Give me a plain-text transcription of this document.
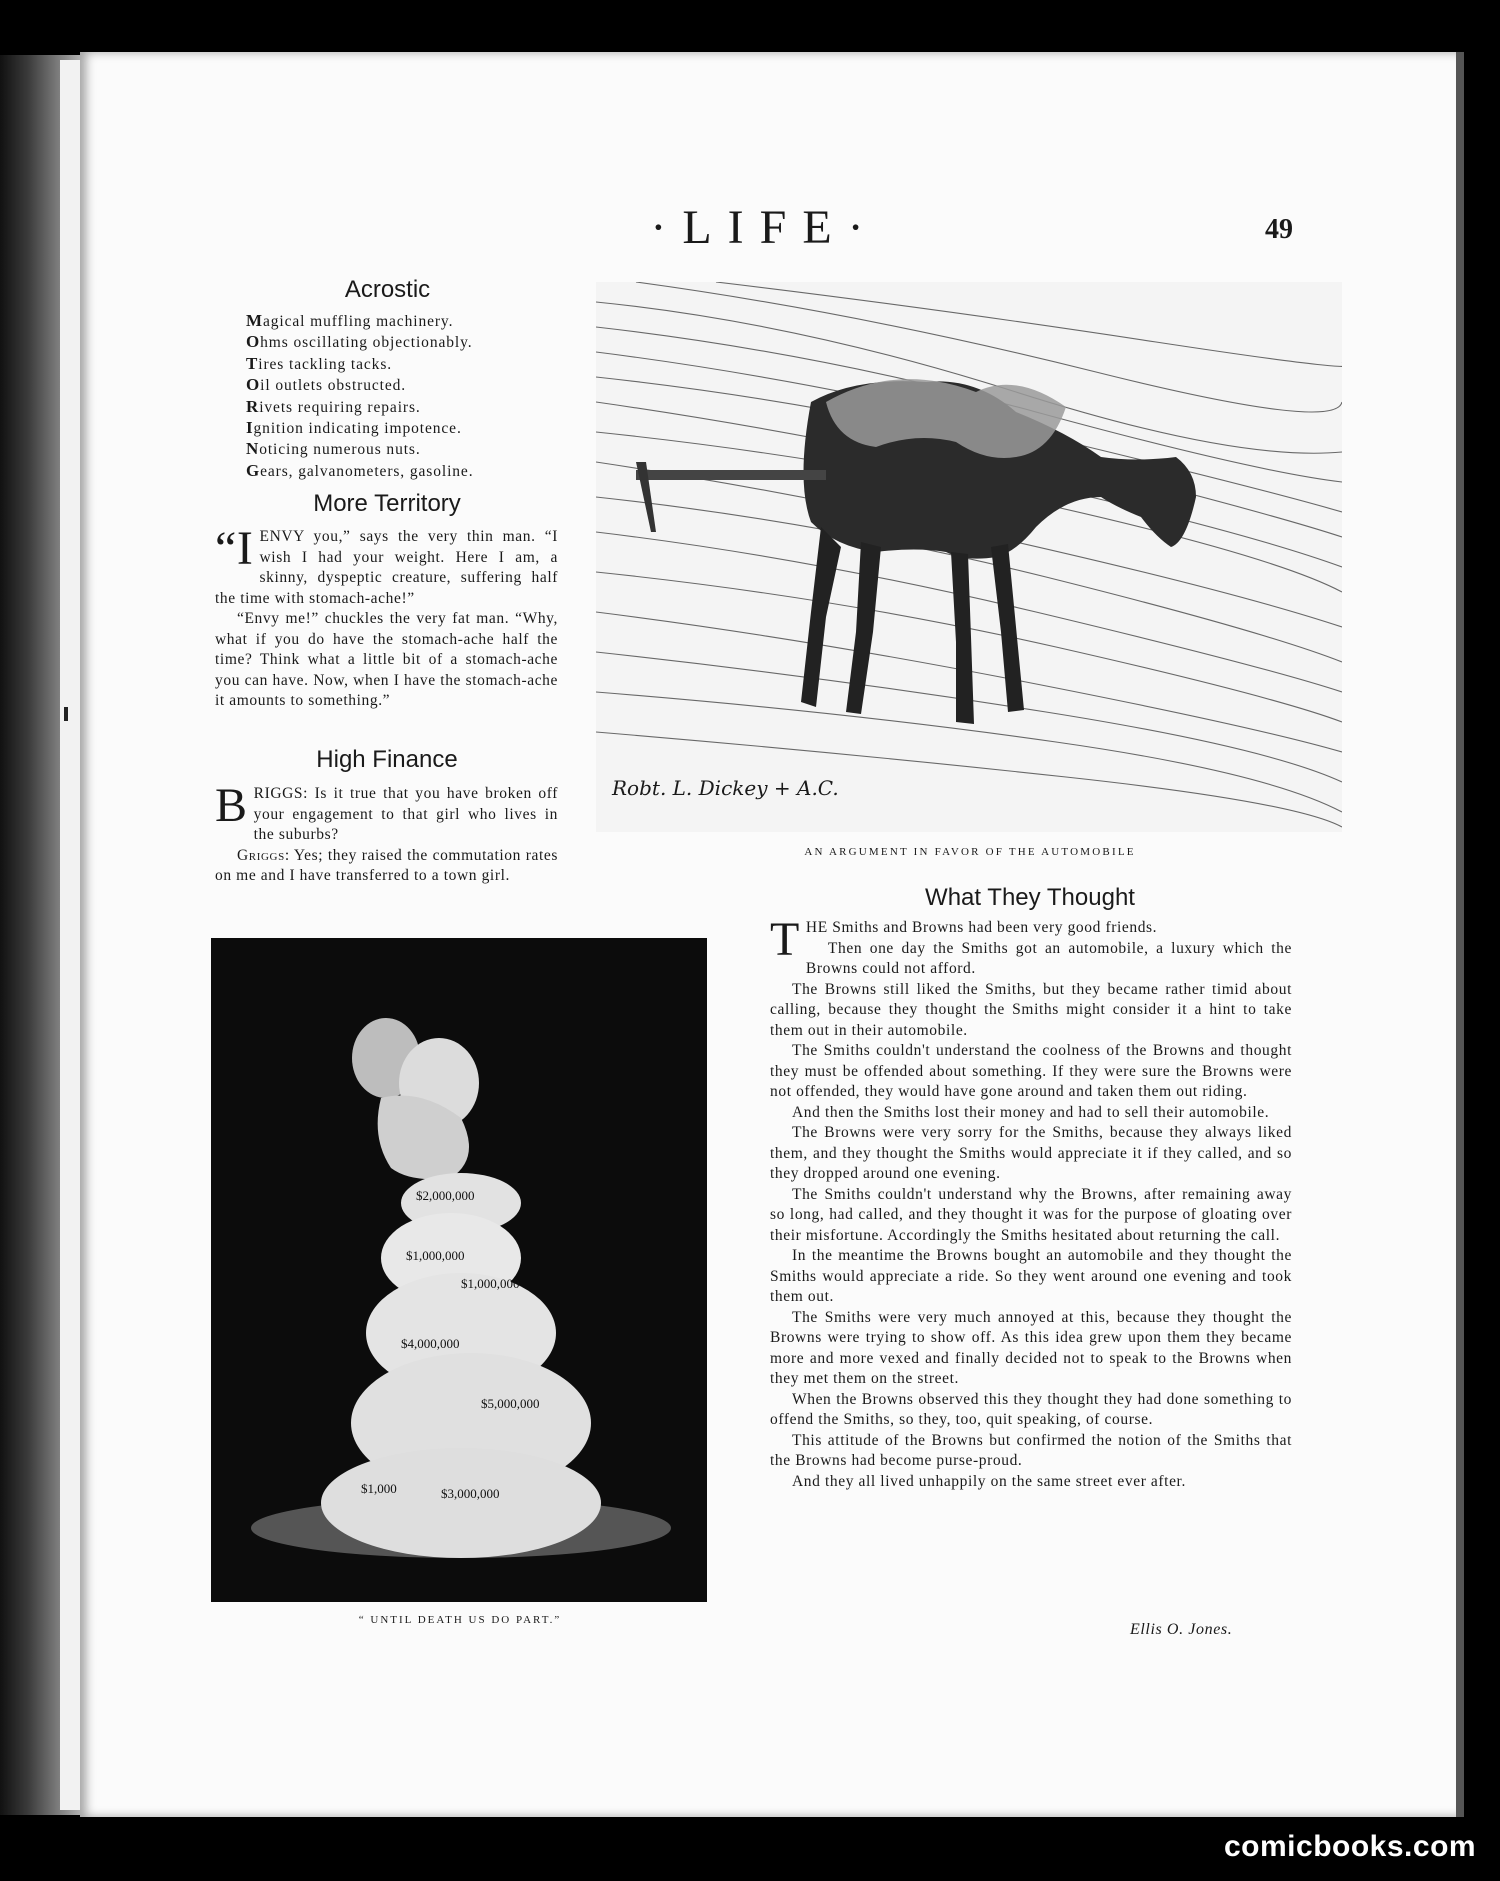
·LIFE·	49
Acrostic
Magical muffling machinery.
Ohms oscillating objectionably.
Tires tackling tacks.
Oil outlets obstructed.
Rivets requiring repairs.
Ignition indicating impotence.
Noticing numerous nuts.
Gears, galvanometers, gasoline.
More Territory

“IENVY you,” says the very thin man. “I wish I had your weight. Here I am, a skinny, dyspeptic creature, suffering half the time with stomach-ache!”

“Envy me!” chuckles the very fat man. “Why, what if you do have the stomach-ache half the time? Think what a little bit of a stomach-ache you can have. Now, when I have the stomach-ache it amounts to something.”

High Finance

BRIGGS: Is it true that you have broken off your engagement to that girl who lives in the suburbs?

Griggs: Yes; they raised the commutation rates on me and I have transferred to a town girl.

Robt. L. Dickey + A.C.
AN ARGUMENT IN FAVOR OF THE AUTOMOBILE
$2,000,000
$1,000,000
$4,000,000
$5,000,000
$1,000,000
$3,000,000
$1,000
“ UNTIL DEATH US DO PART.”
What They Thought

THE Smiths and Browns had been very good friends.

Then one day the Smiths got an automobile, a luxury which the Browns could not afford.

The Browns still liked the Smiths, but they became rather timid about calling, because they thought the Smiths might consider it a hint to take them out in their automobile.

The Smiths couldn't understand the coolness of the Browns and thought they must be offended about something. If they were sure the Browns were not offended, they would have gone around and taken them out riding.

And then the Smiths lost their money and had to sell their automobile.

The Browns were very sorry for the Smiths, because they always liked them, and they thought the Smiths would appreciate it if they called, and so they dropped around one evening.

The Smiths couldn't understand why the Browns, after remaining away so long, had called, and they thought it was for the purpose of gloating over their misfortune. Accordingly the Smiths hesitated about returning the call.

In the meantime the Browns bought an automobile and they thought the Smiths would appreciate a ride. So they went around one evening and took them out.

The Smiths were very much annoyed at this, because they thought the Browns were trying to show off. As this idea grew upon them they became more and more vexed and finally decided not to speak to the Browns when they met them on the street.

When the Browns observed this they thought they had done something to offend the Smiths, so they, too, quit speaking, of course.

This attitude of the Browns but confirmed the notion of the Smiths that the Browns had become purse-proud.

And they all lived unhappily on the same street ever after.

Ellis O. Jones.
comicbooks.com
